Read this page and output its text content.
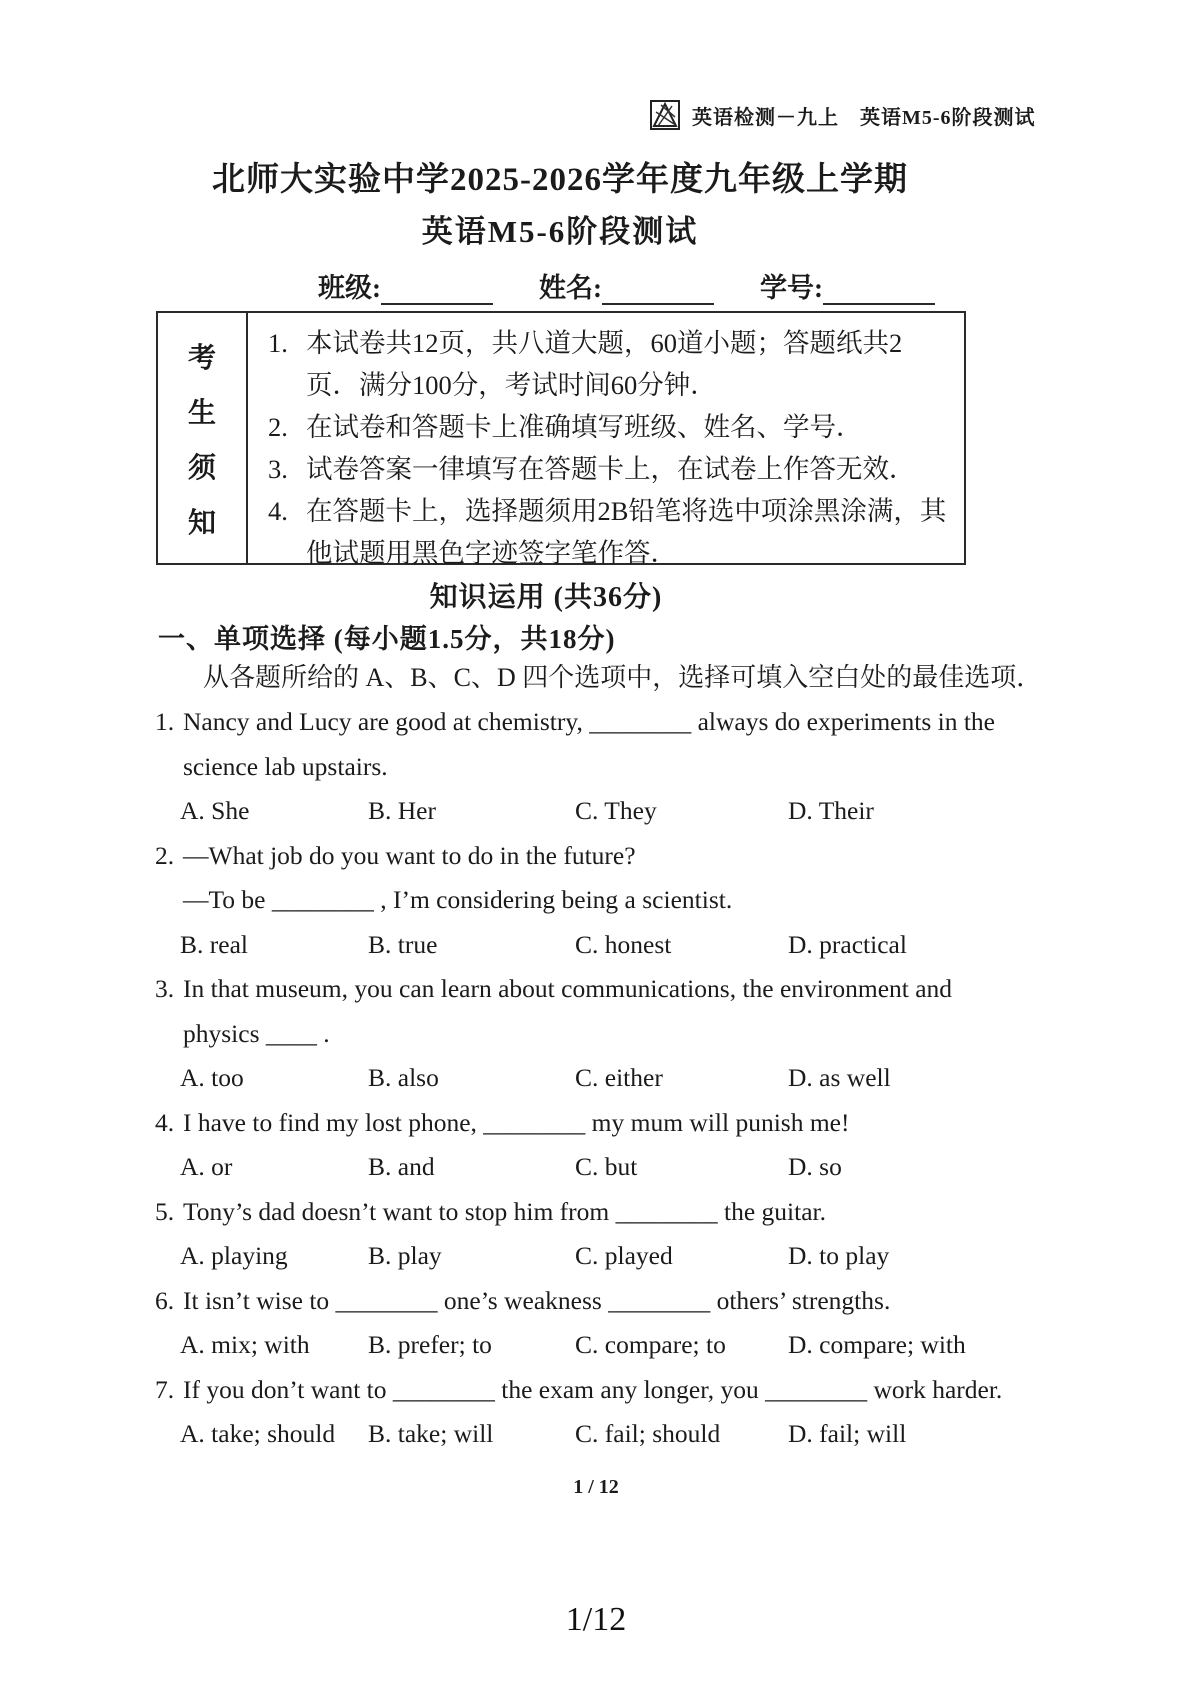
英语检测－九上　英语M5-6阶段测试
北师大实验中学2025-2026学年度九年级上学期
英语M5-6阶段测试
班级:	姓名:	学号:
考
生
须
知
1. 本试卷共12页，共八道大题，60道小题；答题纸共2页．满分100分，考试时间60分钟．
2. 在试卷和答题卡上准确填写班级、姓名、学号．
3. 试卷答案一律填写在答题卡上，在试卷上作答无效．
4. 在答题卡上，选择题须用2B铅笔将选中项涂黑涂满，其他试题用黑色字迹签字笔作答．
知识运用 (共36分)
一、单项选择 (每小题1.5分，共18分)
从各题所给的 A、B、C、D 四个选项中，选择可填入空白处的最佳选项．
1. Nancy and Lucy are good at chemistry, ________ always do experiments in the
science lab upstairs.
A. She	B. Her	C. They	D. Their
2. —What job do you want to do in the future?
—To be ________ , I’m considering being a scientist.
B. real	B. true	C. honest	D. practical
3. In that museum, you can learn about communications, the environment and
physics ____ .
A. too	B. also	C. either	D. as well
4. I have to find my lost phone, ________ my mum will punish me!
A. or	B. and	C. but	D. so
5. Tony’s dad doesn’t want to stop him from ________ the guitar.
A. playing	B. play	C. played	D. to play
6. It isn’t wise to ________ one’s weakness ________ others’ strengths.
A. mix; with	B. prefer; to	C. compare; to	D. compare; with
7. If you don’t want to ________ the exam any longer, you ________ work harder.
A. take; should	B. take; will	C. fail; should	D. fail; will
1 / 12
1/12
